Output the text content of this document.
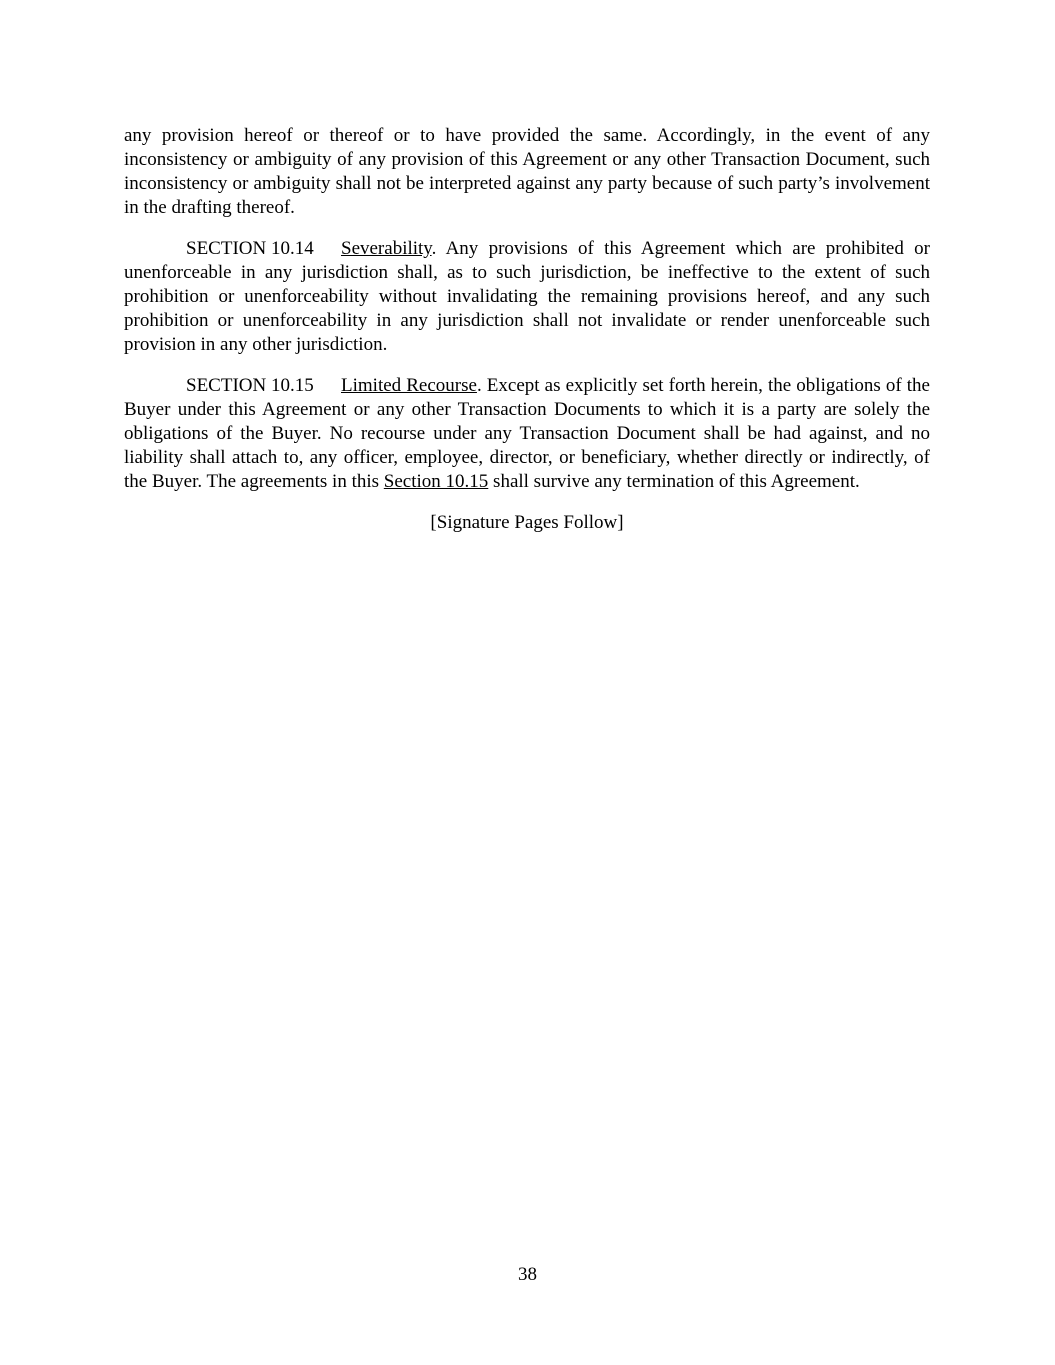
any provision hereof or thereof or to have provided the same. Accordingly, in the event of any inconsistency or ambiguity of any provision of this Agreement or any other Transaction Document, such inconsistency or ambiguity shall not be interpreted against any party because of such party’s involvement in the drafting thereof.

SECTION 10.14 Severability. Any provisions of this Agreement which are prohibited or unenforceable in any jurisdiction shall, as to such jurisdiction, be ineffective to the extent of such prohibition or unenforceability without invalidating the remaining provisions hereof, and any such prohibition or unenforceability in any jurisdiction shall not invalidate or render unenforceable such provision in any other jurisdiction.

SECTION 10.15 Limited Recourse. Except as explicitly set forth herein, the obligations of the Buyer under this Agreement or any other Transaction Documents to which it is a party are solely the obligations of the Buyer. No recourse under any Transaction Document shall be had against, and no liability shall attach to, any officer, employee, director, or beneficiary, whether directly or indirectly, of the Buyer. The agreements in this Section 10.15 shall survive any termination of this Agreement.

[Signature Pages Follow]

38
